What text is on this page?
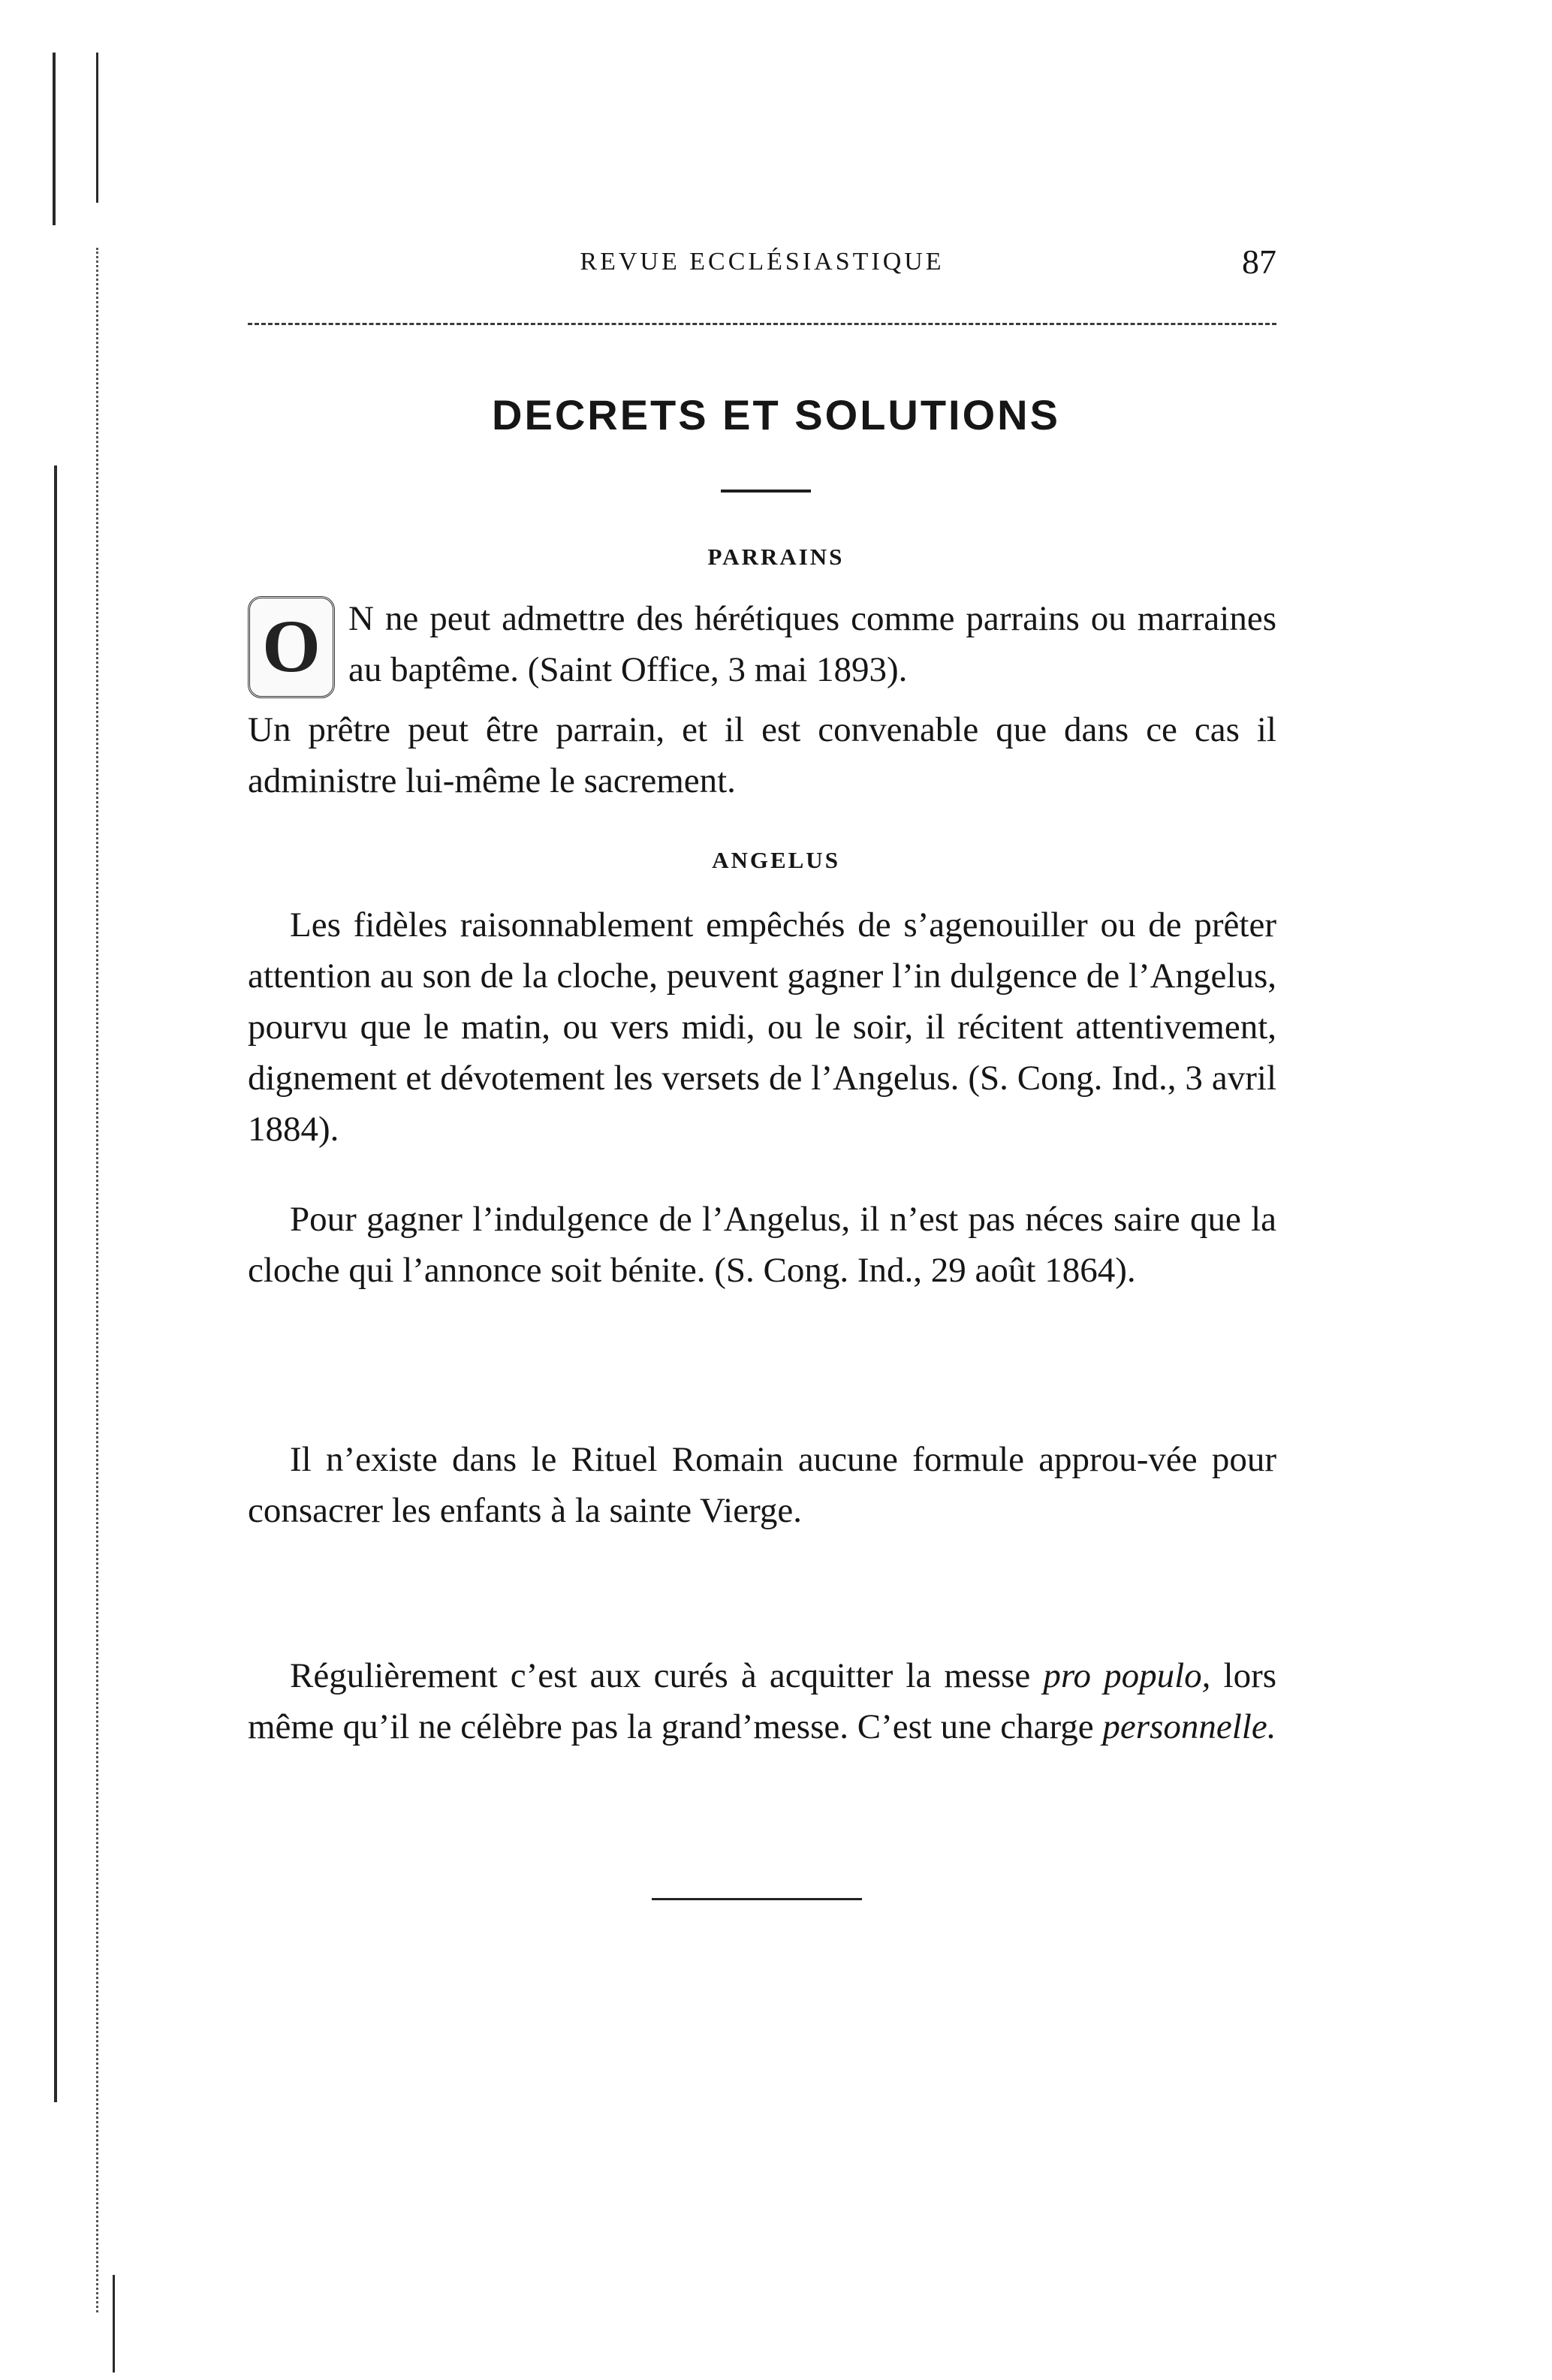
REVUE ECCLÉSIASTIQUE	87
DECRETS ET SOLUTIONS
PARRAINS
O N ne peut admettre des hérétiques comme parrains ou marraines au baptême. (Saint Office, 3 mai 1893).
Un prêtre peut être parrain, et il est convenable que dans ce cas il administre lui-même le sacrement.
ANGELUS
Les fidèles raisonnablement empêchés de s’agenouiller ou de prêter attention au son de la cloche, peuvent gagner l’in dulgence de l’Angelus, pourvu que le matin, ou vers midi, ou le soir, il récitent attentivement, dignement et dévotement les versets de l’Angelus. (S. Cong. Ind., 3 avril 1884).
Pour gagner l’indulgence de l’Angelus, il n’est pas néces saire que la cloche qui l’annonce soit bénite. (S. Cong. Ind., 29 août 1864).
Il n’existe dans le Rituel Romain aucune formule approu-vée pour consacrer les enfants à la sainte Vierge.
Régulièrement c’est aux curés à acquitter la messe pro populo, lors même qu’il ne célèbre pas la grand’messe. C’est une charge personnelle.
